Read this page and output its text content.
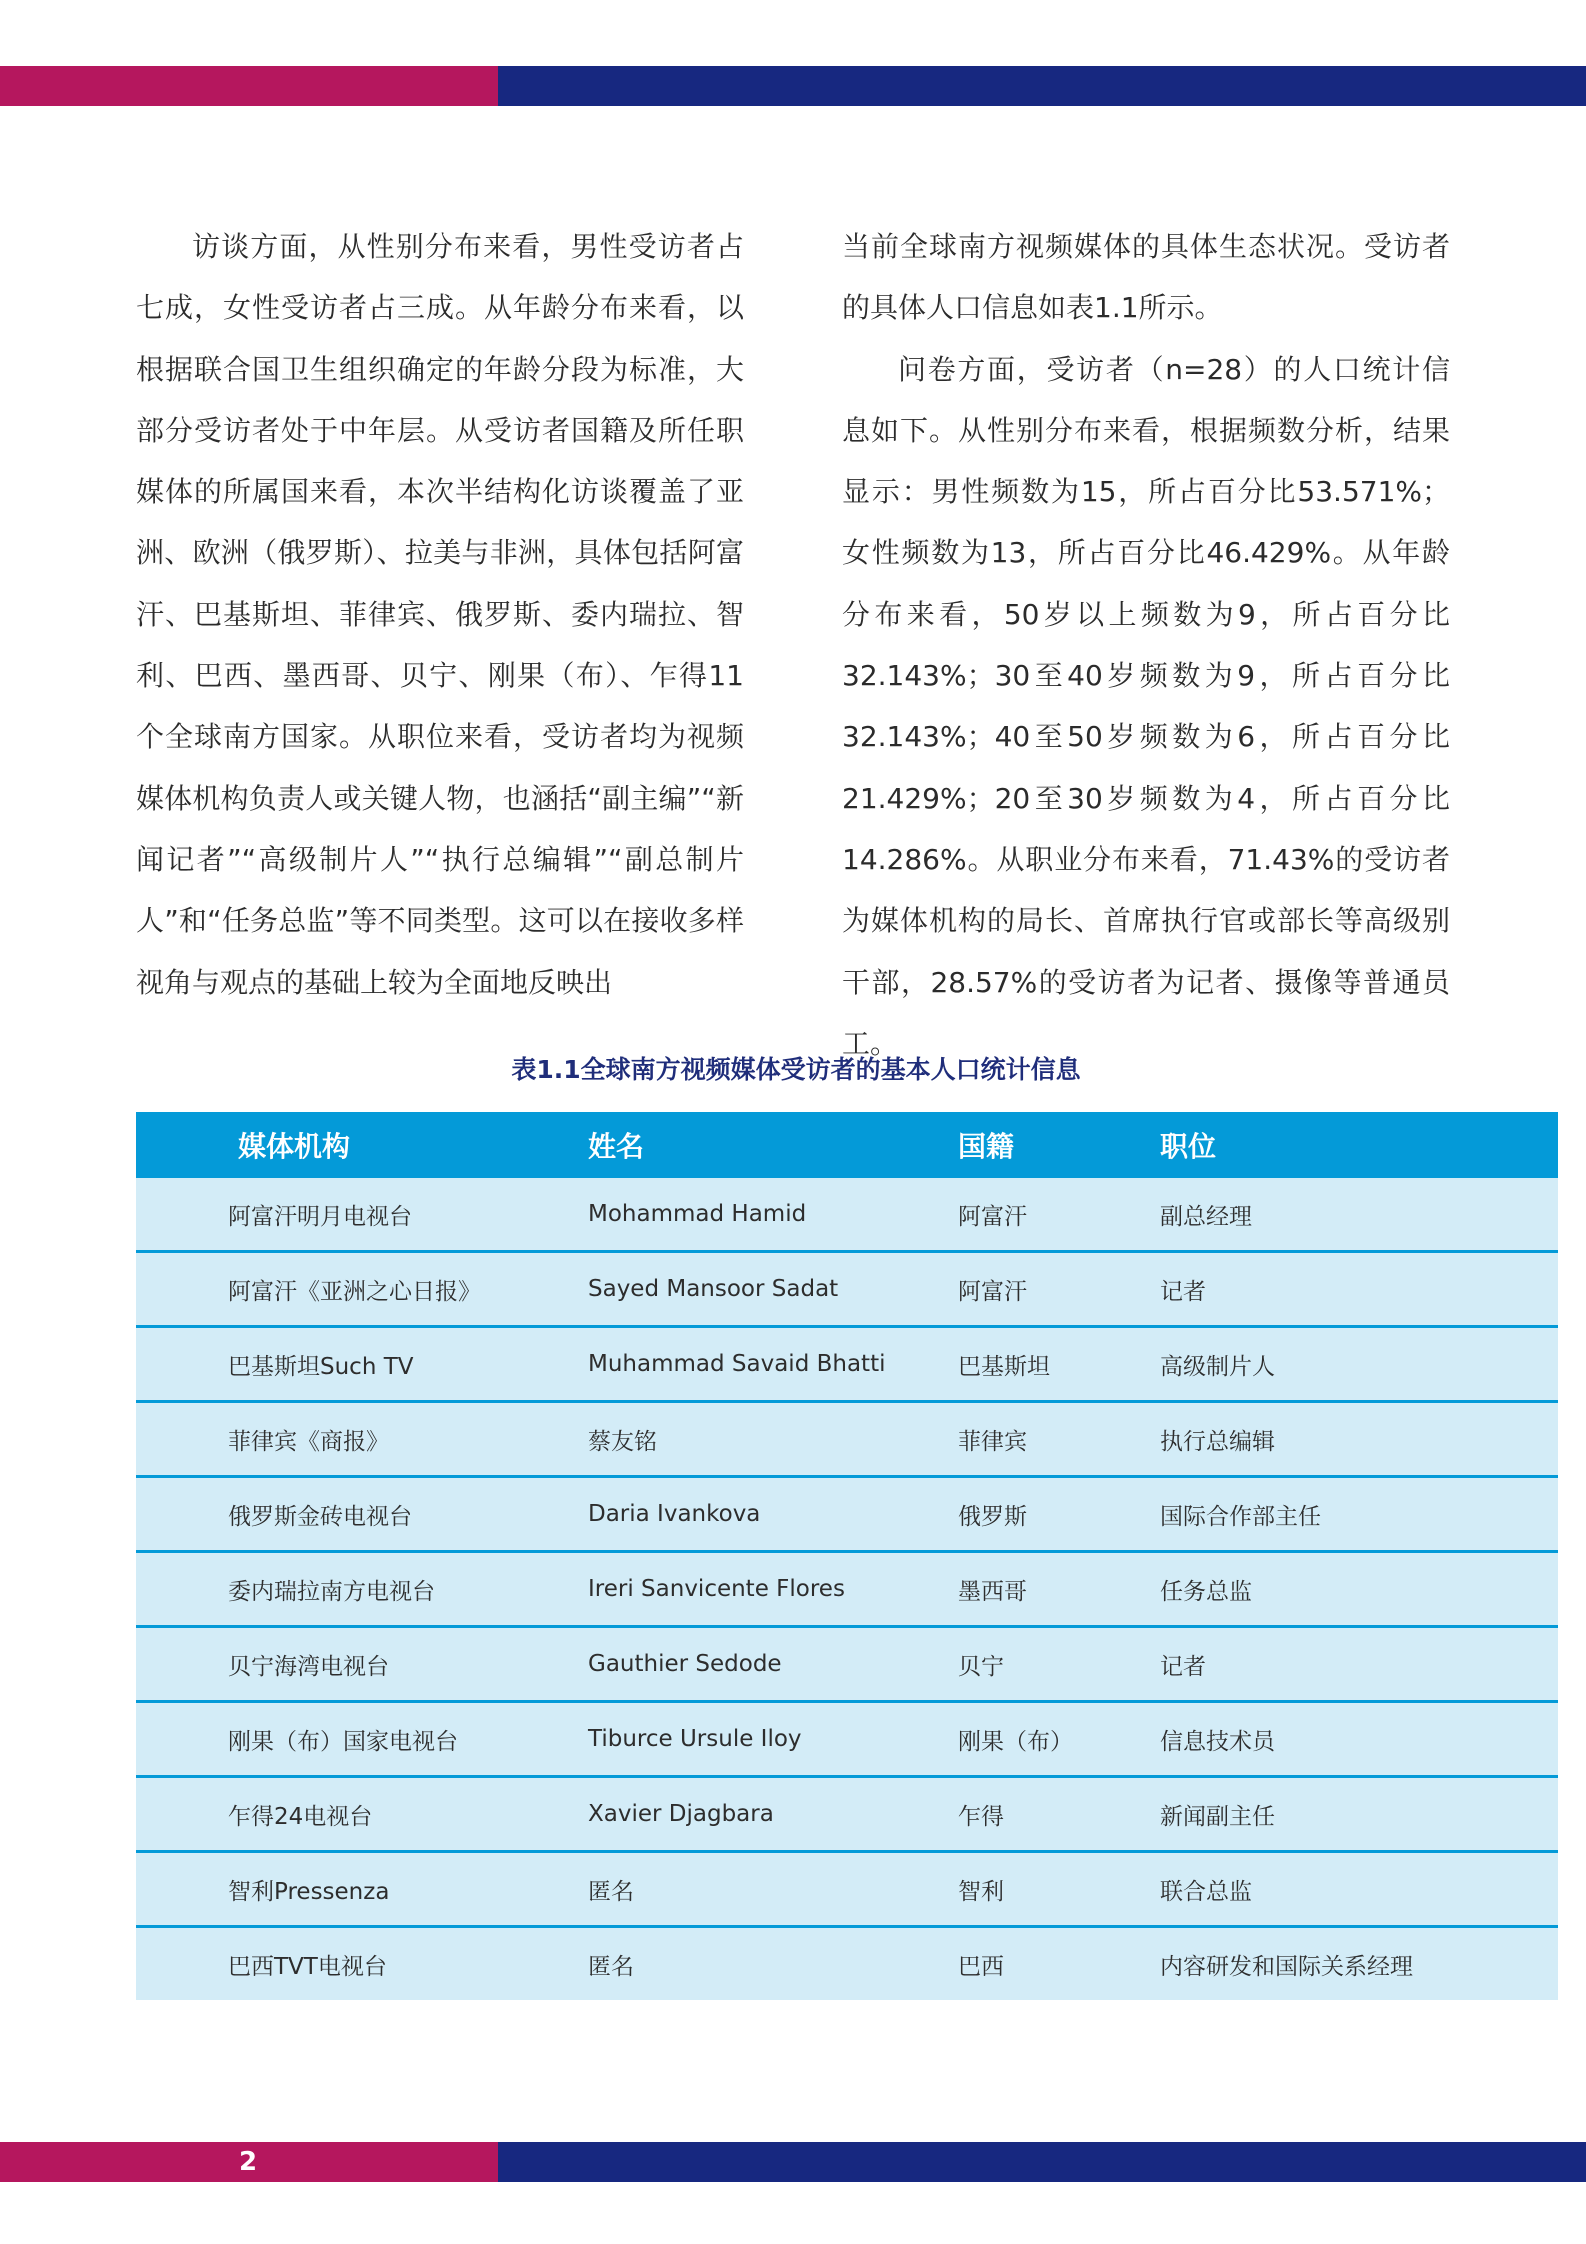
访谈方面，从性别分布来看，男性受访者占七成，女性受访者占三成。从年龄分布来看，以根据联合国卫生组织确定的年龄分段为标准，大部分受访者处于中年层。从受访者国籍及所任职媒体的所属国来看，本次半结构化访谈覆盖了亚洲、欧洲（俄罗斯）、拉美与非洲，具体包括阿富汗、巴基斯坦、菲律宾、俄罗斯、委内瑞拉、智利、巴西、墨西哥、贝宁、刚果（布）、乍得11个全球南方国家。从职位来看，受访者均为视频媒体机构负责人或关键人物，也涵括“副主编”“新闻记者”“高级制片人”“执行总编辑”“副总制片人”和“任务总监”等不同类型。这可以在接收多样视角与观点的基础上较为全面地反映出

当前全球南方视频媒体的具体生态状况。受访者的具体人口信息如表1.1所示。

问卷方面，受访者（n=28）的人口统计信息如下。从性别分布来看，根据频数分析，结果显示：男性频数为15，所占百分比53.571%；女性频数为13，所占百分比46.429%。从年龄分布来看，50岁以上频数为9，所占百分比32.143%；30至40岁频数为9，所占百分比32.143%；40至50岁频数为6，所占百分比21.429%；20至30岁频数为4，所占百分比14.286%。从职业分布来看，71.43%的受访者为媒体机构的局长、首席执行官或部长等高级别干部，28.57%的受访者为记者、摄像等普通员工。

表1.1全球南方视频媒体受访者的基本人口统计信息
媒体机构	姓名	国籍	职位
阿富汗明月电视台	Mohammad Hamid	阿富汗	副总经理
阿富汗《亚洲之心日报》	Sayed Mansoor Sadat	阿富汗	记者
巴基斯坦Such TV	Muhammad Savaid Bhatti	巴基斯坦	高级制片人
菲律宾《商报》	蔡友铭	菲律宾	执行总编辑
俄罗斯金砖电视台	Daria Ivankova	俄罗斯	国际合作部主任
委内瑞拉南方电视台	Ireri Sanvicente Flores	墨西哥	任务总监
贝宁海湾电视台	Gauthier Sedode	贝宁	记者
刚果（布）国家电视台	Tiburce Ursule Iloy	刚果（布）	信息技术员
乍得24电视台	Xavier Djagbara	乍得	新闻副主任
智利Pressenza	匿名	智利	联合总监
巴西TVT电视台	匿名	巴西	内容研发和国际关系经理
2
